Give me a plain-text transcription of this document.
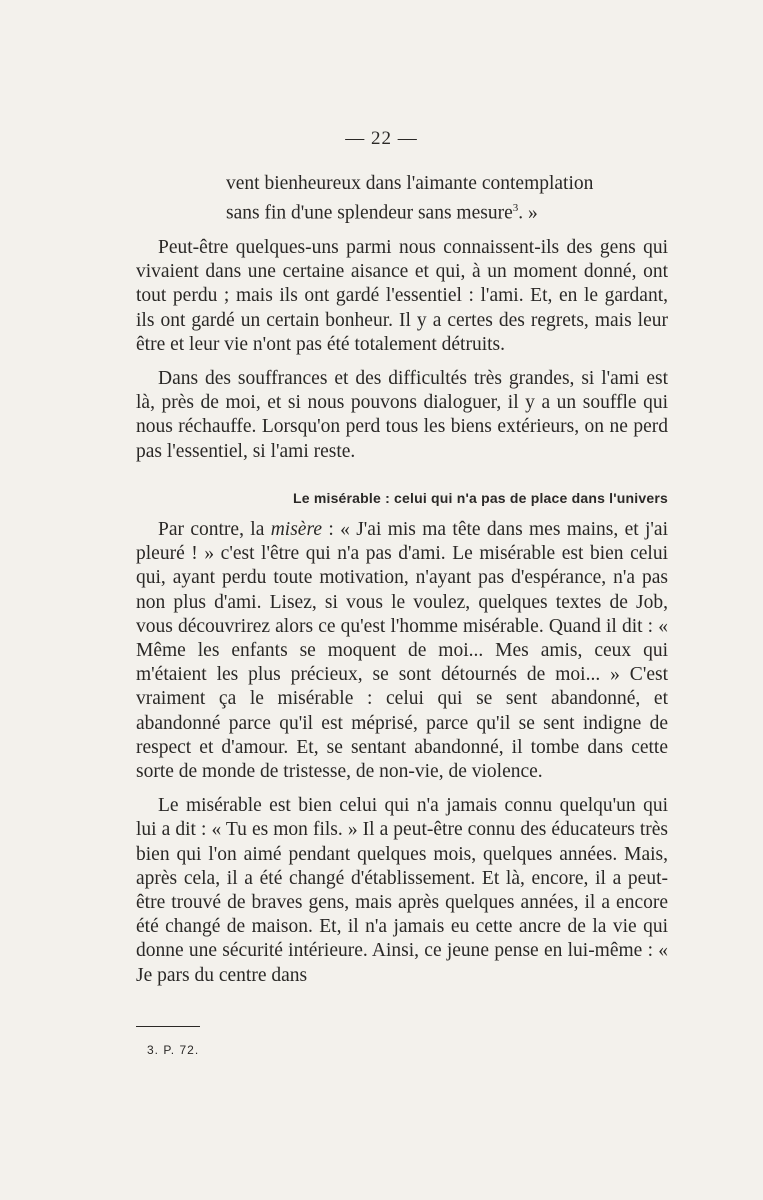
— 22 —

vent bienheureux dans l'aimante contemplation
sans fin d'une splendeur sans mesure$^3$. »

Peut-être quelques-uns parmi nous connaissent-ils des gens qui vivaient dans une certaine aisance et qui, à un moment donné, ont tout perdu ; mais ils ont gardé l'essentiel : l'ami. Et, en le gardant, ils ont gardé un certain bonheur. Il y a certes des regrets, mais leur être et leur vie n'ont pas été totalement détruits.

Dans des souffrances et des difficultés très grandes, si l'ami est là, près de moi, et si nous pouvons dialoguer, il y a un souffle qui nous réchauffe. Lorsqu'on perd tous les biens extérieurs, on ne perd pas l'essentiel, si l'ami reste.

Le misérable : celui qui n'a pas de place dans l'univers

Par contre, la misère : « J'ai mis ma tête dans mes mains, et j'ai pleuré ! » c'est l'être qui n'a pas d'ami. Le misérable est bien celui qui, ayant perdu toute motivation, n'ayant pas d'espérance, n'a pas non plus d'ami. Lisez, si vous le voulez, quelques textes de Job, vous découvrirez alors ce qu'est l'homme misérable. Quand il dit : « Même les enfants se moquent de moi... Mes amis, ceux qui m'étaient les plus précieux, se sont détournés de moi... » C'est vraiment ça le misérable : celui qui se sent abandonné, et abandonné parce qu'il est méprisé, parce qu'il se sent indigne de respect et d'amour. Et, se sentant abandonné, il tombe dans cette sorte de monde de tristesse, de non-vie, de violence.

Le misérable est bien celui qui n'a jamais connu quelqu'un qui lui a dit : « Tu es mon fils. » Il a peut-être connu des éducateurs très bien qui l'on aimé pendant quelques mois, quelques années. Mais, après cela, il a été changé d'établissement. Et là, encore, il a peut-être trouvé de braves gens, mais après quelques années, il a encore été changé de maison. Et, il n'a jamais eu cette ancre de la vie qui donne une sécurité intérieure. Ainsi, ce jeune pense en lui-même : « Je pars du centre dans

3. P. 72.
